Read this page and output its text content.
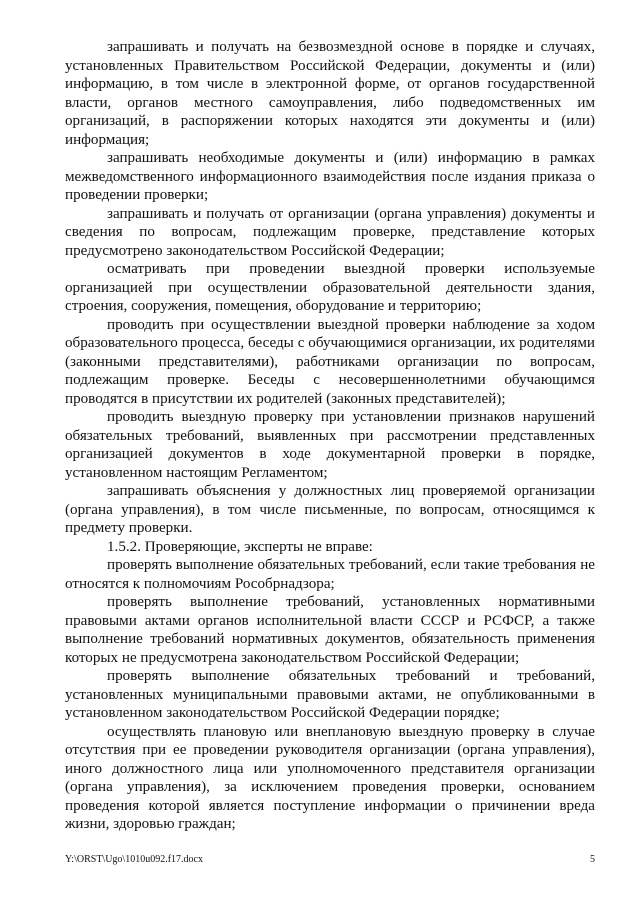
запрашивать и получать на безвозмездной основе в порядке и случаях, установленных Правительством Российской Федерации, документы и (или) информацию, в том числе в электронной форме, от органов государственной власти, органов местного самоуправления, либо подведомственных им организаций, в распоряжении которых находятся эти документы и (или) информация;

запрашивать необходимые документы и (или) информацию в рамках межведомственного информационного взаимодействия после издания приказа о проведении проверки;

запрашивать и получать от организации (органа управления) документы и сведения по вопросам, подлежащим проверке, представление которых предусмотрено законодательством Российской Федерации;

осматривать при проведении выездной проверки используемые организацией при осуществлении образовательной деятельности здания, строения, сооружения, помещения, оборудование и территорию;

проводить при осуществлении выездной проверки наблюдение за ходом образовательного процесса, беседы с обучающимися организации, их родителями (законными представителями), работниками организации по вопросам, подлежащим проверке. Беседы с несовершеннолетними обучающимся проводятся в присутствии их родителей (законных представителей);

проводить выездную проверку при установлении признаков нарушений обязательных требований, выявленных при рассмотрении представленных организацией документов в ходе документарной проверки в порядке, установленном настоящим Регламентом;

запрашивать объяснения у должностных лиц проверяемой организации (органа управления), в том числе письменные, по вопросам, относящимся к предмету проверки.

1.5.2. Проверяющие, эксперты не вправе:

проверять выполнение обязательных требований, если такие требования не относятся к полномочиям Рособрнадзора;

проверять выполнение требований, установленных нормативными правовыми актами органов исполнительной власти СССР и РСФСР, а также выполнение требований нормативных документов, обязательность применения которых не предусмотрена законодательством Российской Федерации;

проверять выполнение обязательных требований и требований, установленных муниципальными правовыми актами, не опубликованными в установленном законодательством Российской Федерации порядке;

осуществлять плановую или внеплановую выездную проверку в случае отсутствия при ее проведении руководителя организации (органа управления), иного должностного лица или уполномоченного представителя организации (органа управления), за исключением проведения проверки, основанием проведения которой является поступление информации о причинении вреда жизни, здоровью граждан;

Y:\ORST\Ugo\1010u092.f17.docx	5
